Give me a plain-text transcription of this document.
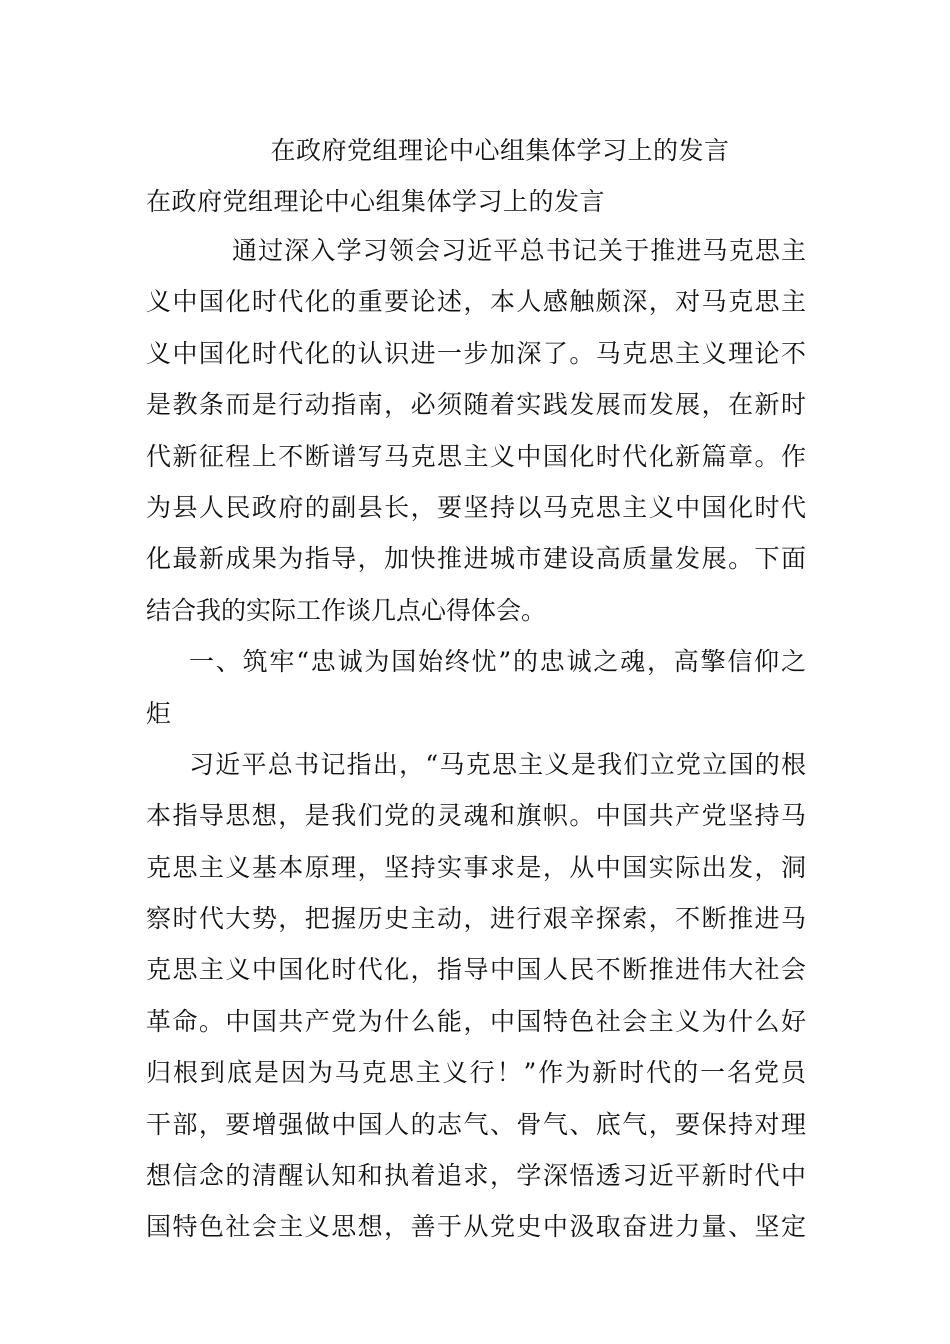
在政府党组理论中心组集体学习上的发言
在政府党组理论中心组集体学习上的发言
通过深入学习领会习近平总书记关于推进马克思主
义中国化时代化的重要论述，本人感触颇深，对马克思主
义中国化时代化的认识进一步加深了。马克思主义理论不
是教条而是行动指南，必须随着实践发展而发展，在新时
代新征程上不断谱写马克思主义中国化时代化新篇章。作
为县人民政府的副县长，要坚持以马克思主义中国化时代
化最新成果为指导，加快推进城市建设高质量发展。下面
结合我的实际工作谈几点心得体会。
一、筑牢“忠诚为国始终忧”的忠诚之魂，高擎信仰之
炬
习近平总书记指出，“马克思主义是我们立党立国的根
本指导思想，是我们党的灵魂和旗帜。中国共产党坚持马
克思主义基本原理，坚持实事求是，从中国实际出发，洞
察时代大势，把握历史主动，进行艰辛探索，不断推进马
克思主义中国化时代化，指导中国人民不断推进伟大社会
革命。中国共产党为什么能，中国特色社会主义为什么好
归根到底是因为马克思主义行！”作为新时代的一名党员
干部，要增强做中国人的志气、骨气、底气，要保持对理
想信念的清醒认知和执着追求，学深悟透习近平新时代中
国特色社会主义思想，善于从党史中汲取奋进力量、坚定
